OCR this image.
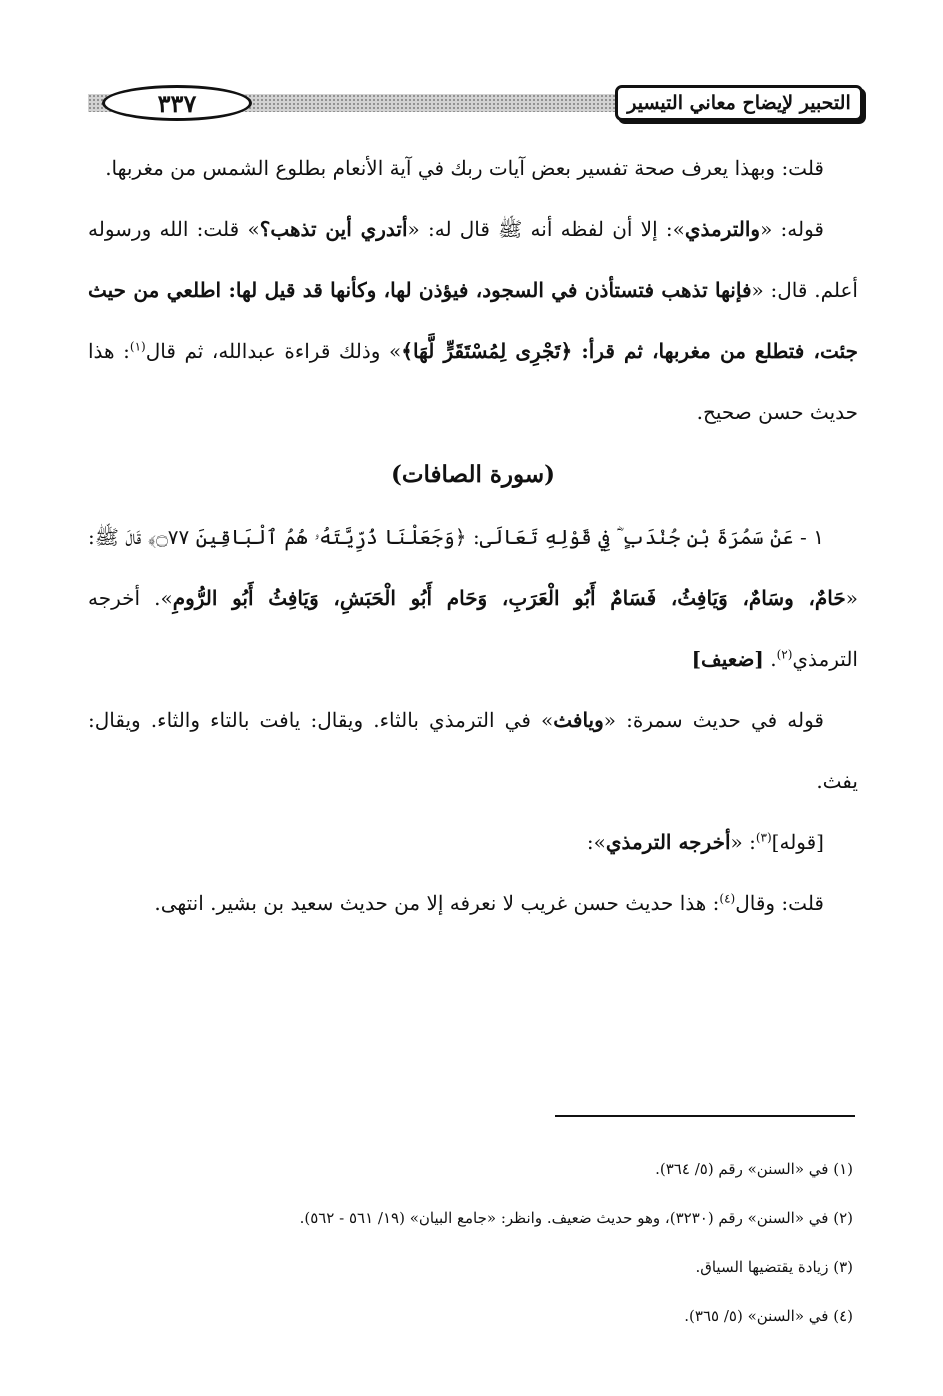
٣٣٧	التحبير لإيضاح معاني التيسير

قلت: وبهذا يعرف صحة تفسير بعض آيات ربك في آية الأنعام بطلوع الشمس من مغربها.

قوله: «والترمذي»: إلا أن لفظه أنه ﷺ قال له: «أتدري أين تذهب؟» قلت: الله ورسوله أعلم. قال: «فإنها تذهب فتستأذن في السجود، فيؤذن لها، وكأنها قد قيل لها: اطلعي من حيث جئت، فتطلع من مغربها، ثم قرأ: ﴿تَجْرِى لِمُسْتَقَرٍّ لَّهَا﴾» وذلك قراءة عبدالله، ثم قال$^{(١)}$: هذا حديث حسن صحيح.

(سورة الصافات)

١ - عَنْ سَمُرَةَ بْنِ جُنْدَبٍ ؓ فِي قَوْلِهِ تَعَالَى: ﴿وَجَعَلْنَا ذُرِّيَّتَهُۥ هُمُ ٱلْبَاقِينَ ۝٧٧﴾ قَالَ ﷺ: «حَامٌ، وسَامٌ، وَيَافِثُ، فَسَامٌ أَبُو الْعَرَبِ، وَحَام أَبُو الْحَبَشِ، وَيَافِثُ أَبُو الرُّومِ». أخرجه الترمذي$^{(٢)}$. [ضعيف]

قوله في حديث سمرة: «ويافث» في الترمذي بالثاء. ويقال: يافت بالتاء والثاء. ويقال: يفث.

[قوله]$^{(٣)}$: «أخرجه الترمذي»:

قلت: وقال$^{(٤)}$: هذا حديث حسن غريب لا نعرفه إلا من حديث سعيد بن بشير. انتهى.

(١) في «السنن» رقم (٥/ ٣٦٤).

(٢) في «السنن» رقم (٣٢٣٠)، وهو حديث ضعيف. وانظر: «جامع البيان» (١٩/ ٥٦١ - ٥٦٢).

(٣) زيادة يقتضيها السياق.

(٤) في «السنن» (٥/ ٣٦٥).
